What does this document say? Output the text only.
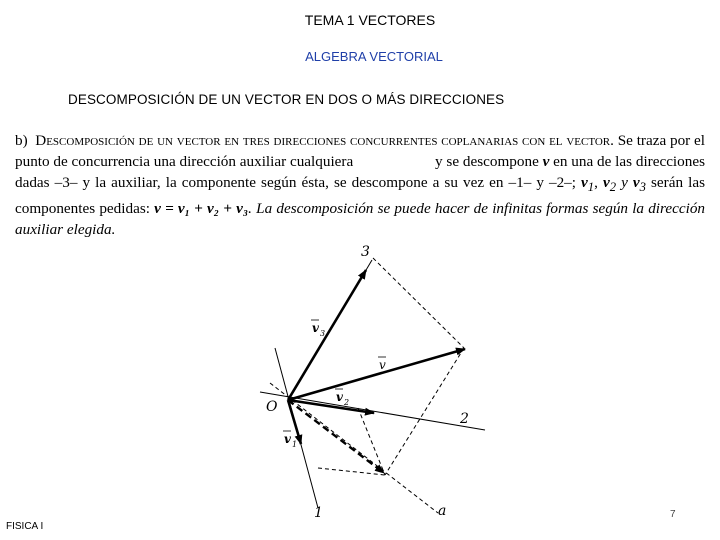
TEMA 1 VECTORES
ALGEBRA VECTORIAL
DESCOMPOSICIÓN DE UN VECTOR EN DOS O MÁS DIRECCIONES

b) Descomposición de un vector en tres direcciones concurrentes coplanarias con el vector. Se traza por el punto de concurrencia una dirección auxiliar cualquiera	y se descompone v en una de las direcciones dadas –3– y la auxiliar, la componente según ésta, se descompone a su vez en –1– y –2–; $v_1$, $v_2$ y $v_3$ serán las componentes pedidas: v = v₁ + v₂ + v₃. La descomposición se puede hacer de infinitas formas según la dirección auxiliar elegida.

3
2
1	a
O
v
v 3
v 2
v 1
7
FISICA I
